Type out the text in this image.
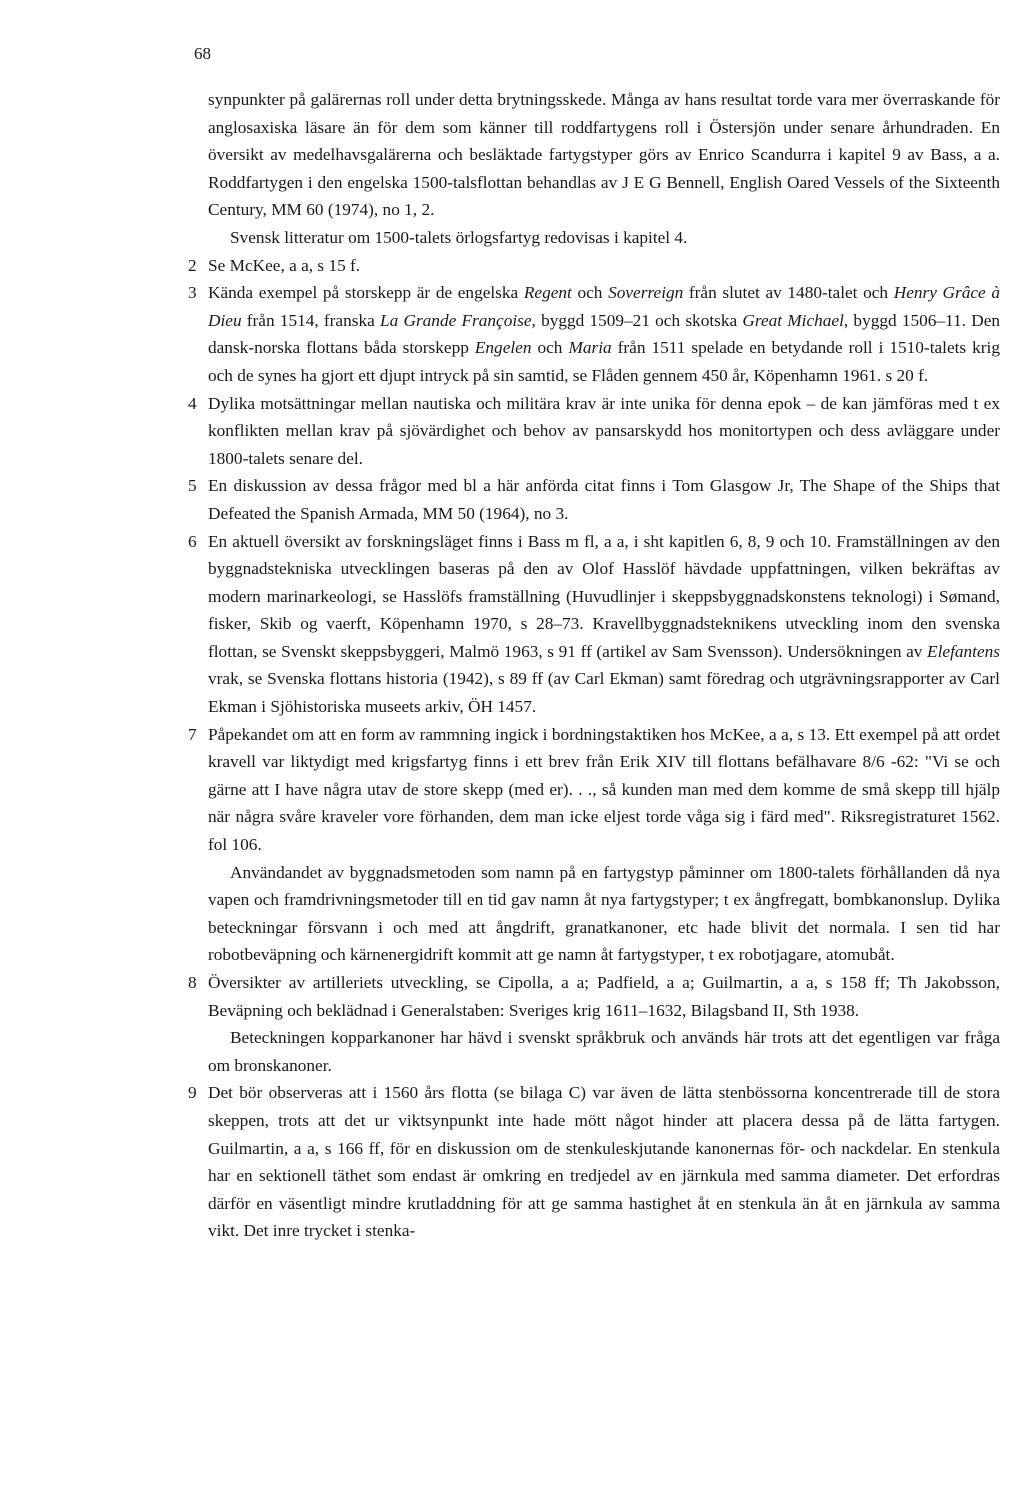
68

synpunkter på galärernas roll under detta brytningsskede. Många av hans resultat torde vara mer överraskande för anglosaxiska läsare än för dem som känner till roddfartygens roll i Östersjön under senare århundraden. En översikt av medelhavsgalärerna och besläktade fartygstyper görs av Enrico Scandurra i kapitel 9 av Bass, a a. Roddfartygen i den engelska 1500-talsflottan behandlas av J E G Bennell, English Oared Vessels of the Sixteenth Century, MM 60 (1974), no 1, 2.

Svensk litteratur om 1500-talets örlogsfartyg redovisas i kapitel 4.

2 Se McKee, a a, s 15 f.

3 Kända exempel på storskepp är de engelska Regent och Soverreign från slutet av 1480-talet och Henry Grâce à Dieu från 1514, franska La Grande Françoise, byggd 1509–21 och skotska Great Michael, byggd 1506–11. Den dansk-norska flottans båda storskepp Engelen och Maria från 1511 spelade en betydande roll i 1510-talets krig och de synes ha gjort ett djupt intryck på sin samtid, se Flåden gennem 450 år, Köpenhamn 1961. s 20 f.

4 Dylika motsättningar mellan nautiska och militära krav är inte unika för denna epok – de kan jämföras med t ex konflikten mellan krav på sjövärdighet och behov av pansarskydd hos monitortypen och dess avläggare under 1800-talets senare del.

5 En diskussion av dessa frågor med bl a här anförda citat finns i Tom Glasgow Jr, The Shape of the Ships that Defeated the Spanish Armada, MM 50 (1964), no 3.

6 En aktuell översikt av forskningsläget finns i Bass m fl, a a, i sht kapitlen 6, 8, 9 och 10. Framställningen av den byggnadstekniska utvecklingen baseras på den av Olof Hasslöf hävdade uppfattningen, vilken bekräftas av modern marinarkeologi, se Hasslöfs framställning (Huvudlinjer i skeppsbyggnadskonstens teknologi) i Sømand, fisker, Skib og vaerft, Köpenhamn 1970, s 28–73. Kravellbyggnadsteknikens utveckling inom den svenska flottan, se Svenskt skeppsbyggeri, Malmö 1963, s 91 ff (artikel av Sam Svensson). Undersökningen av Elefantens vrak, se Svenska flottans historia (1942), s 89 ff (av Carl Ekman) samt föredrag och utgrävningsrapporter av Carl Ekman i Sjöhistoriska museets arkiv, ÖH 1457.

7 Påpekandet om att en form av rammning ingick i bordningstaktiken hos McKee, a a, s 13. Ett exempel på att ordet kravell var liktydigt med krigsfartyg finns i ett brev från Erik XIV till flottans befälhavare 8/6 -62: "Vi se och gärne att I have några utav de store skepp (med er). . ., så kunden man med dem komme de små skepp till hjälp när några svåre kraveler vore förhanden, dem man icke eljest torde våga sig i färd med". Riksregistraturet 1562. fol 106.

Användandet av byggnadsmetoden som namn på en fartygstyp påminner om 1800-talets förhållanden då nya vapen och framdrivningsmetoder till en tid gav namn åt nya fartygstyper; t ex ångfregatt, bombkanonslup. Dylika beteckningar försvann i och med att ångdrift, granatkanoner, etc hade blivit det normala. I sen tid har robotbeväpning och kärnenergidrift kommit att ge namn åt fartygstyper, t ex robotjagare, atomubåt.

8 Översikter av artilleriets utveckling, se Cipolla, a a; Padfield, a a; Guilmartin, a a, s 158 ff; Th Jakobsson, Beväpning och beklädnad i Generalstaben: Sveriges krig 1611–1632, Bilagsband II, Sth 1938.

Beteckningen kopparkanoner har hävd i svenskt språkbruk och används här trots att det egentligen var fråga om bronskanoner.

9 Det bör observeras att i 1560 års flotta (se bilaga C) var även de lätta stenbössorna koncentrerade till de stora skeppen, trots att det ur viktsynpunkt inte hade mött något hinder att placera dessa på de lätta fartygen. Guilmartin, a a, s 166 ff, för en diskussion om de stenkuleskjutande kanonernas för- och nackdelar. En stenkula har en sektionell täthet som endast är omkring en tredjedel av en järnkula med samma diameter. Det erfordras därför en väsentligt mindre krutladdning för att ge samma hastighet åt en stenkula än åt en järnkula av samma vikt. Det inre trycket i stenka-
